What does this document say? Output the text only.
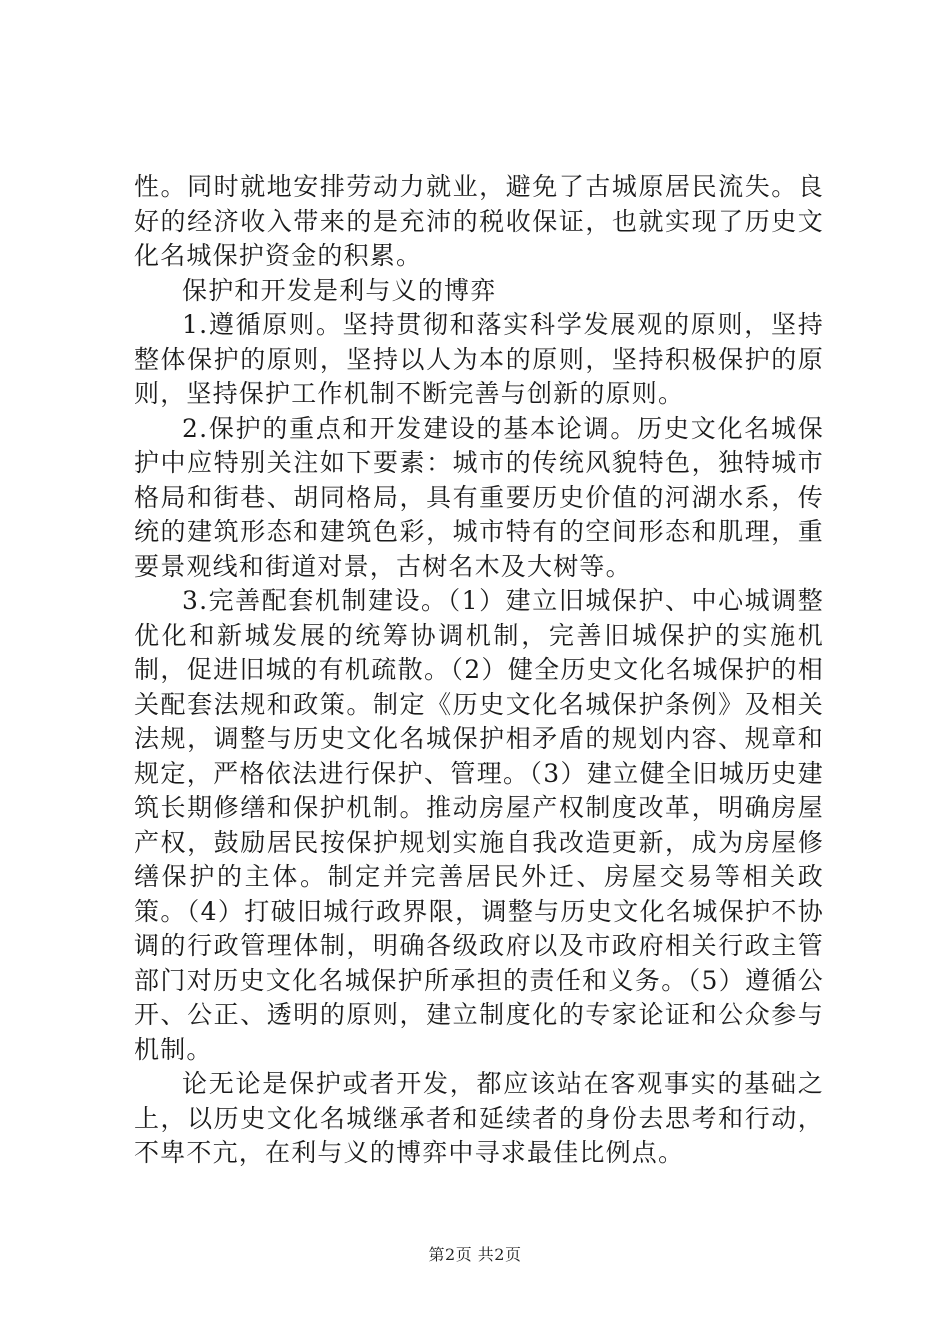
性。同时就地安排劳动力就业，避免了古城原居民流失。良好的经济收入带来的是充沛的税收保证，也就实现了历史文化名城保护资金的积累。

保护和开发是利与义的博弈

1.遵循原则。坚持贯彻和落实科学发展观的原则，坚持整体保护的原则，坚持以人为本的原则，坚持积极保护的原则，坚持保护工作机制不断完善与创新的原则。

2.保护的重点和开发建设的基本论调。历史文化名城保护中应特别关注如下要素：城市的传统风貌特色，独特城市格局和街巷、胡同格局，具有重要历史价值的河湖水系，传统的建筑形态和建筑色彩，城市特有的空间形态和肌理，重要景观线和街道对景，古树名木及大树等。

3.完善配套机制建设。（1）建立旧城保护、中心城调整优化和新城发展的统筹协调机制，完善旧城保护的实施机制，促进旧城的有机疏散。（2）健全历史文化名城保护的相关配套法规和政策。制定《历史文化名城保护条例》及相关法规，调整与历史文化名城保护相矛盾的规划内容、规章和规定，严格依法进行保护、管理。（3）建立健全旧城历史建筑长期修缮和保护机制。推动房屋产权制度改革，明确房屋产权，鼓励居民按保护规划实施自我改造更新，成为房屋修缮保护的主体。制定并完善居民外迁、房屋交易等相关政策。（4）打破旧城行政界限，调整与历史文化名城保护不协调的行政管理体制，明确各级政府以及市政府相关行政主管部门对历史文化名城保护所承担的责任和义务。（5）遵循公开、公正、透明的原则，建立制度化的专家论证和公众参与机制。

论无论是保护或者开发，都应该站在客观事实的基础之上，以历史文化名城继承者和延续者的身份去思考和行动，不卑不亢，在利与义的博弈中寻求最佳比例点。

第2页 共2页
